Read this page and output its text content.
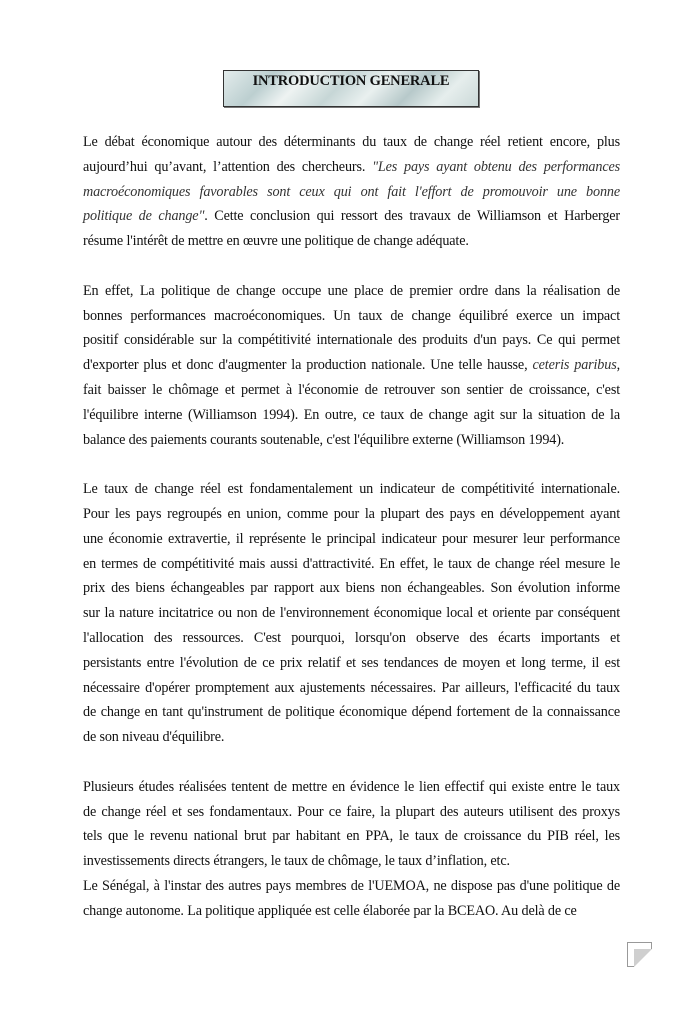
INTRODUCTION GENERALE
Le débat économique autour des déterminants du taux de change réel retient encore, plus
aujourd’hui qu’avant, l’attention des chercheurs. "Les pays ayant obtenu des performances
macroéconomiques favorables sont ceux qui ont fait l'effort de promouvoir une bonne
politique de change". Cette conclusion qui ressort des travaux de Williamson et Harberger
résume l'intérêt de mettre en œuvre une politique de change adéquate.
En effet, La politique de change occupe une place de premier ordre dans la réalisation de
bonnes performances macroéconomiques. Un taux de change équilibré exerce un impact
positif considérable sur la compétitivité internationale des produits d'un pays. Ce qui permet
d'exporter plus et donc d'augmenter la production nationale. Une telle hausse, ceteris paribus,
fait baisser le chômage et permet à l'économie de retrouver son sentier de croissance, c'est
l'équilibre interne (Williamson 1994). En outre, ce taux de change agit sur la situation de la
balance des paiements courants soutenable, c'est l'équilibre externe (Williamson 1994).
Le taux de change réel est fondamentalement un indicateur de compétitivité internationale.
Pour les pays regroupés en union, comme pour la plupart des pays en développement ayant
une économie extravertie, il représente le principal indicateur pour mesurer leur performance
en termes de compétitivité mais aussi d'attractivité. En effet, le taux de change réel mesure le
prix des biens échangeables par rapport aux biens non échangeables. Son évolution informe
sur la nature incitatrice ou non de l'environnement économique local et oriente par conséquent
l'allocation des ressources. C'est pourquoi, lorsqu'on observe des écarts importants et
persistants entre l'évolution de ce prix relatif et ses tendances de moyen et long terme, il est
nécessaire d'opérer promptement aux ajustements nécessaires. Par ailleurs, l'efficacité du taux
de change en tant qu'instrument de politique économique dépend fortement de la connaissance
de son niveau d'équilibre.
Plusieurs études réalisées tentent de mettre en évidence le lien effectif qui existe entre le taux
de change réel et ses fondamentaux. Pour ce faire, la plupart des auteurs utilisent des proxys
tels que le revenu national brut par habitant en PPA, le taux de croissance du PIB réel, les
investissements directs étrangers, le taux de chômage, le taux d’inflation, etc.
Le Sénégal, à l'instar des autres pays membres de l'UEMOA, ne dispose pas d'une politique de
change autonome. La politique appliquée est celle élaborée par la BCEAO. Au delà de ce
1
